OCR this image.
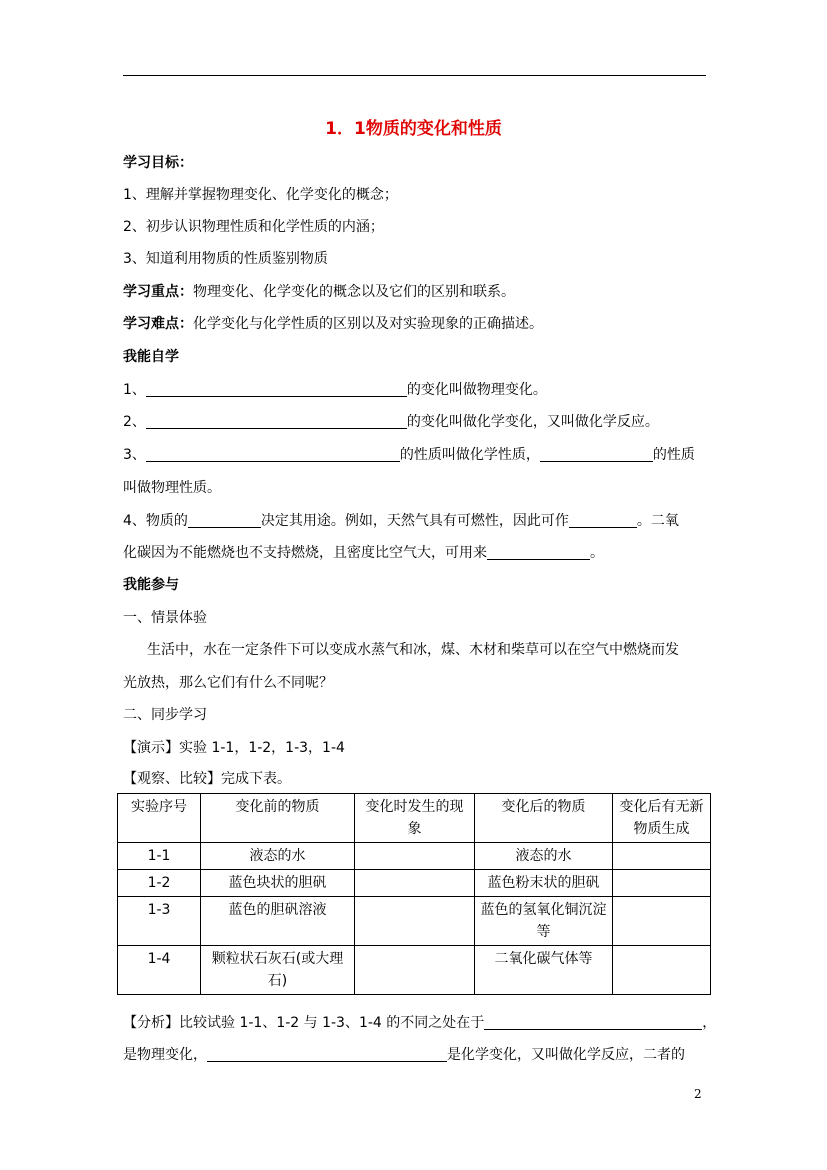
1．1物质的变化和性质
学习目标：
1、理解并掌握物理变化、化学变化的概念；
2、初步认识物理性质和化学性质的内涵；
3、知道利用物质的性质鉴别物质
学习重点：物理变化、化学变化的概念以及它们的区别和联系。
学习难点：化学变化与化学性质的区别以及对实验现象的正确描述。
我能自学
1、	的变化叫做物理变化。
2、	的变化叫做化学变化，又叫做化学反应。
3、	的性质叫做化学性质，	的性质
叫做物理性质。
4、物质的	决定其用途。例如，天然气具有可燃性，因此可作	。二氧
化碳因为不能燃烧也不支持燃烧，且密度比空气大，可用来	。
我能参与
一、情景体验
生活中，水在一定条件下可以变成水蒸气和冰，煤、木材和柴草可以在空气中燃烧而发
光放热，那么它们有什么不同呢？
二、同步学习
【演示】实验 1-1，1-2，1-3，1-4
【观察、比较】完成下表。
实验序号	变化前的物质	变化时发生的现象	变化后的物质	变化后有无新物质生成
1-1	液态的水		液态的水	
1-2	蓝色块状的胆矾		蓝色粉末状的胆矾	
1-3	蓝色的胆矾溶液		蓝色的氢氧化铜沉淀等	
1-4	颗粒状石灰石(或大理石)		二氧化碳气体等	
【分析】比较试验 1-1、1-2 与 1-3、1-4 的不同之处在于	，
是物理变化，	是化学变化，又叫做化学反应，二者的
2
